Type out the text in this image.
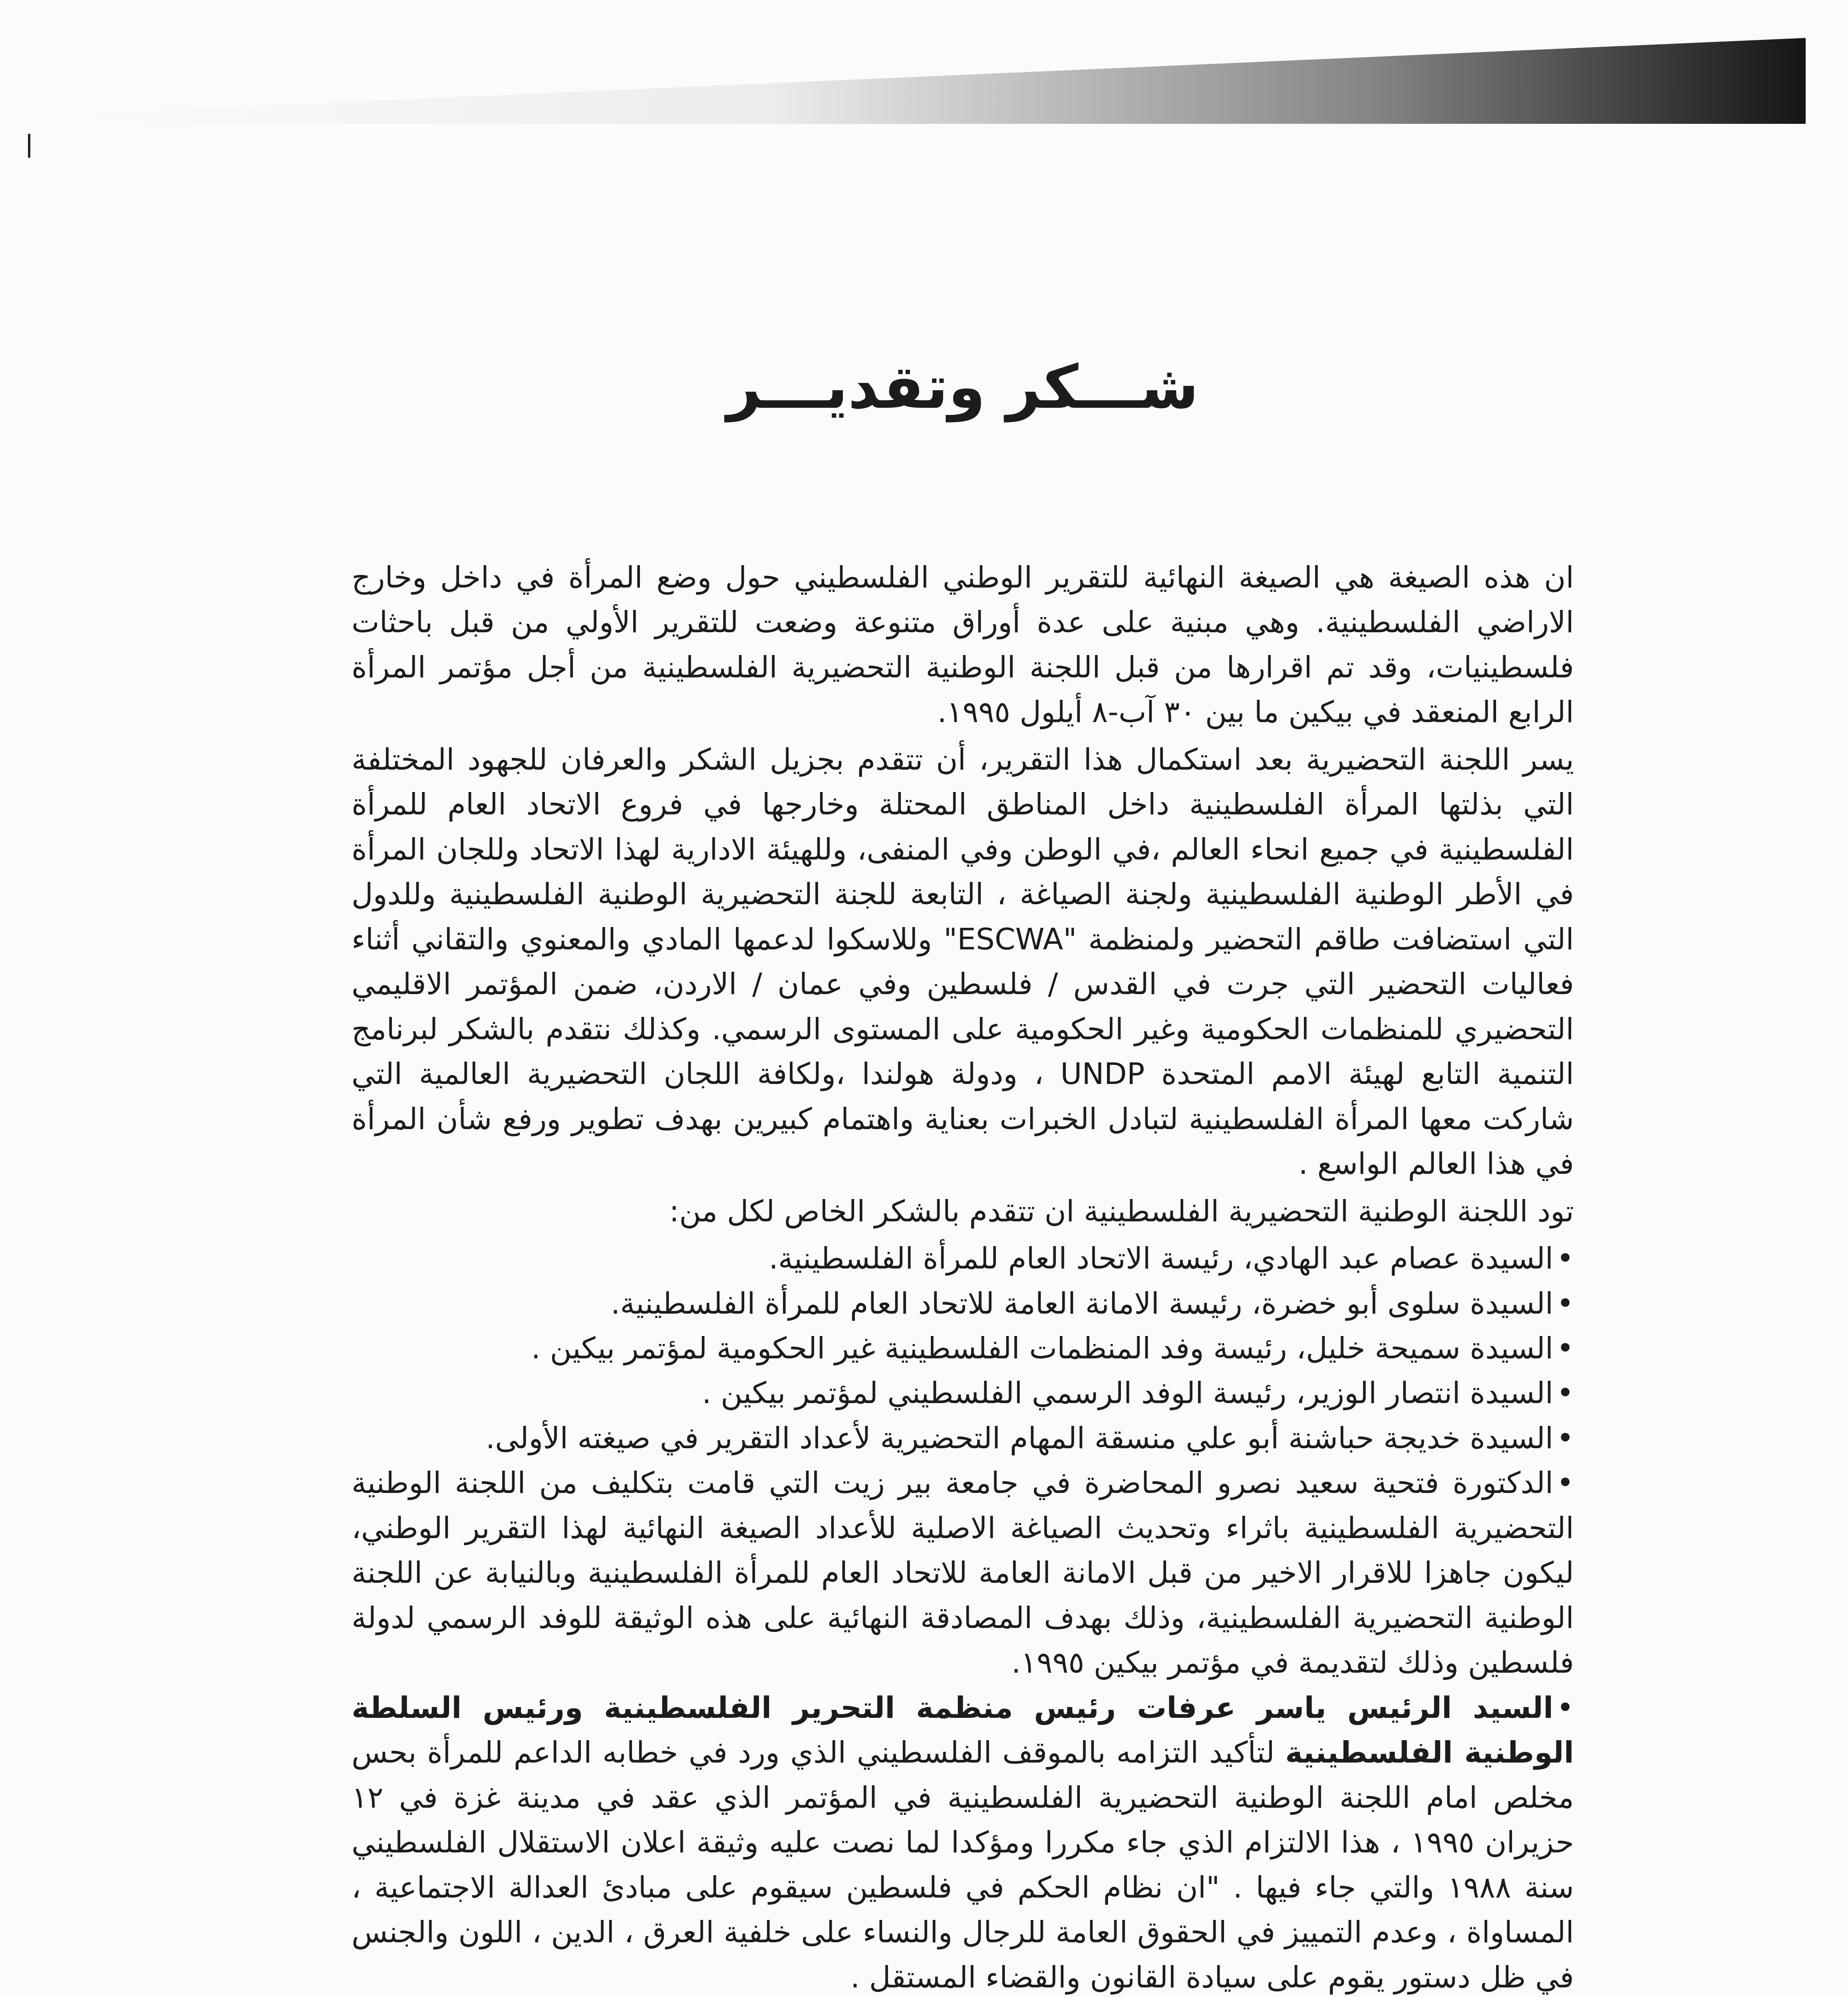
شـــكر وتقديـــر

ان هذه الصيغة هي الصيغة النهائية للتقرير الوطني الفلسطيني حول وضع المرأة في داخل وخارج الاراضي الفلسطينية. وهي مبنية على عدة أوراق متنوعة وضعت للتقرير الأولي من قبل باحثات فلسطينيات، وقد تم اقرارها من قبل اللجنة الوطنية التحضيرية الفلسطينية من أجل مؤتمر المرأة الرابع المنعقد في بيكين ما بين ٣٠ آب-٨ أيلول ١٩٩٥.

يسر اللجنة التحضيرية بعد استكمال هذا التقرير، أن تتقدم بجزيل الشكر والعرفان للجهود المختلفة التي بذلتها المرأة الفلسطينية داخل المناطق المحتلة وخارجها في فروع الاتحاد العام للمرأة الفلسطينية في جميع انحاء العالم ،في الوطن وفي المنفى، وللهيئة الادارية لهذا الاتحاد وللجان المرأة في الأطر الوطنية الفلسطينية ولجنة الصياغة ، التابعة للجنة التحضيرية الوطنية الفلسطينية وللدول التي استضافت طاقم التحضير ولمنظمة "ESCWA" وللاسكوا لدعمها المادي والمعنوي والتقاني أثناء فعاليات التحضير التي جرت في القدس / فلسطين وفي عمان / الاردن، ضمن المؤتمر الاقليمي التحضيري للمنظمات الحكومية وغير الحكومية على المستوى الرسمي. وكذلك نتقدم بالشكر لبرنامج التنمية التابع لهيئة الامم المتحدة UNDP ، ودولة هولندا ،ولكافة اللجان التحضيرية العالمية التي شاركت معها المرأة الفلسطينية لتبادل الخبرات بعناية واهتمام كبيرين بهدف تطوير ورفع شأن المرأة في هذا العالم الواسع .

تود اللجنة الوطنية التحضيرية الفلسطينية ان تتقدم بالشكر الخاص لكل من:

•السيدة عصام عبد الهادي، رئيسة الاتحاد العام للمرأة الفلسطينية.
•السيدة سلوى أبو خضرة، رئيسة الامانة العامة للاتحاد العام للمرأة الفلسطينية.
•السيدة سميحة خليل، رئيسة وفد المنظمات الفلسطينية غير الحكومية لمؤتمر بيكين .
•السيدة انتصار الوزير، رئيسة الوفد الرسمي الفلسطيني لمؤتمر بيكين .
•السيدة خديجة حباشنة أبو علي منسقة المهام التحضيرية لأعداد التقرير في صيغته الأولى.
•الدكتورة فتحية سعيد نصرو المحاضرة في جامعة بير زيت التي قامت بتكليف من اللجنة الوطنية التحضيرية الفلسطينية باثراء وتحديث الصياغة الاصلية للأعداد الصيغة النهائية لهذا التقرير الوطني، ليكون جاهزا للاقرار الاخير من قبل الامانة العامة للاتحاد العام للمرأة الفلسطينية وبالنيابة عن اللجنة الوطنية التحضيرية الفلسطينية، وذلك بهدف المصادقة النهائية على هذه الوثيقة للوفد الرسمي لدولة فلسطين وذلك لتقديمة في مؤتمر بيكين ١٩٩٥.

•السيد الرئيس ياسر عرفات رئيس منظمة التحرير الفلسطينية ورئيس السلطة الوطنية الفلسطينية لتأكيد التزامه بالموقف الفلسطيني الذي ورد في خطابه الداعم للمرأة بحس مخلص امام اللجنة الوطنية التحضيرية الفلسطينية في المؤتمر الذي عقد في مدينة غزة في ١٢ حزيران ١٩٩٥ ، هذا الالتزام الذي جاء مكررا ومؤكدا لما نصت عليه وثيقة اعلان الاستقلال الفلسطيني سنة ١٩٨٨ والتي جاء فيها . "ان نظام الحكم في فلسطين سيقوم على مبادئ العدالة الاجتماعية ، المساواة ، وعدم التمييز في الحقوق العامة للرجال والنساء على خلفية العرق ، الدين ، اللون والجنس في ظل دستور يقوم على سيادة القانون والقضاء المستقل .
